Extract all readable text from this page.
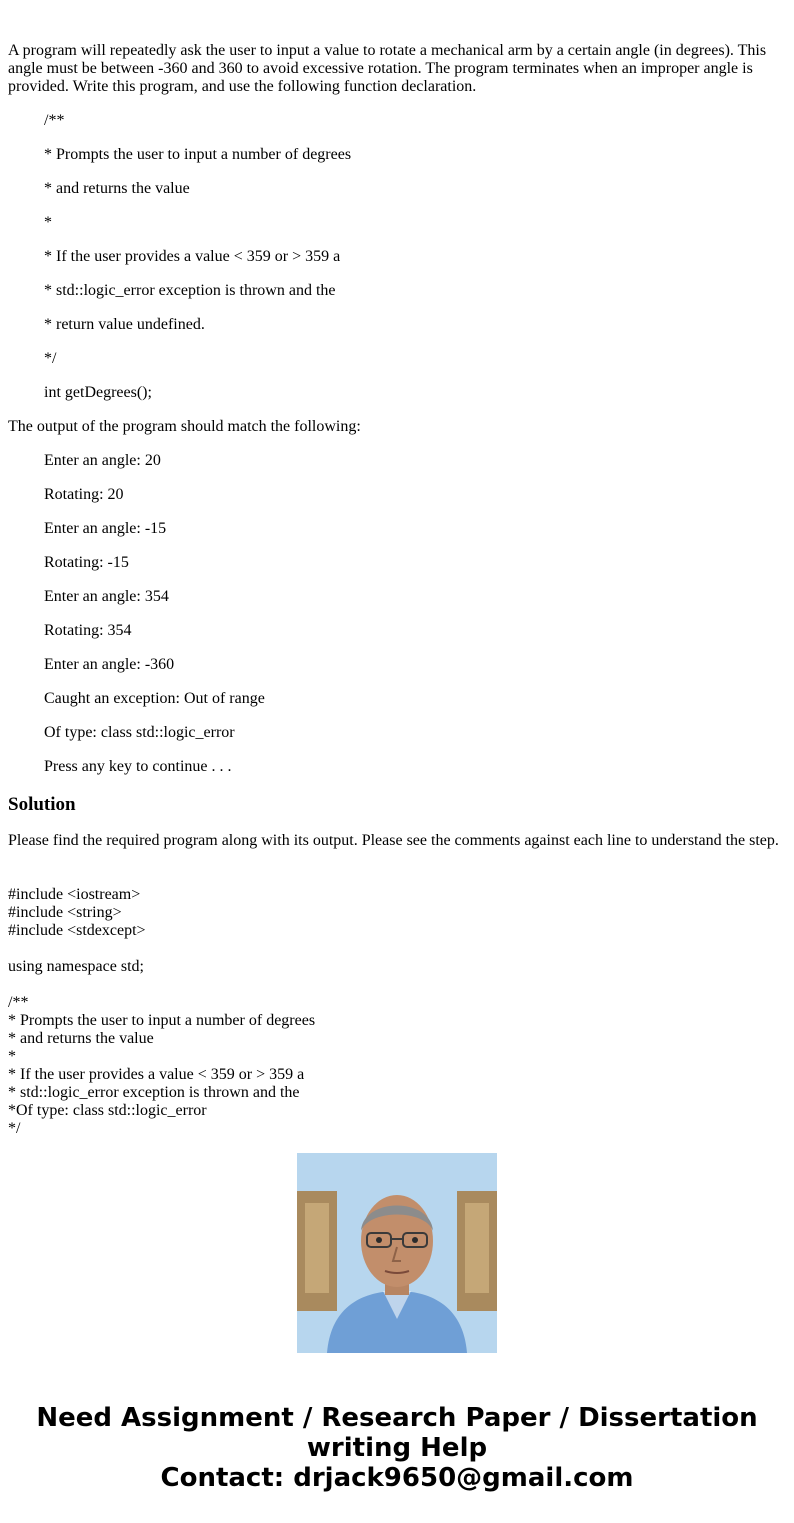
A program will repeatedly ask the user to input a value to rotate a mechanical arm by a certain angle (in degrees). This angle must be between -360 and 360 to avoid excessive rotation. The program terminates when an improper angle is provided. Write this program, and use the following function declaration.

/**

* Prompts the user to input a number of degrees

* and returns the value

*

* If the user provides a value < 359 or > 359 a

* std::logic_error exception is thrown and the

* return value undefined.

*/

int getDegrees();

The output of the program should match the following:

Enter an angle: 20

Rotating: 20

Enter an angle: -15

Rotating: -15

Enter an angle: 354

Rotating: 354

Enter an angle: -360

Caught an exception: Out of range

Of type: class std::logic_error

Press any key to continue . . .

Solution

Please find the required program along with its output. Please see the comments against each line to understand the step.

#include <iostream>
#include <string>
#include <stdexcept>
using namespace std;
/**
* Prompts the user to input a number of degrees
* and returns the value
*
* If the user provides a value < 359 or > 359 a
* std::logic_error exception is thrown and the
*Of type: class std::logic_error
*/
Need Assignment / Research Paper / Dissertation
writing Help
Contact: drjack9650@gmail.com
